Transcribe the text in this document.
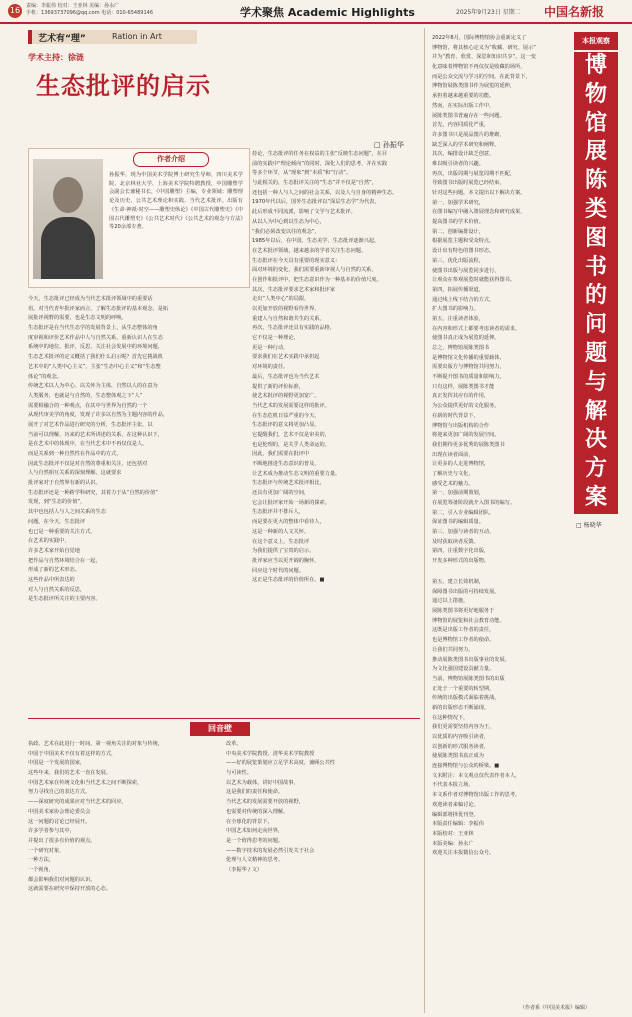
16	责编：李振伟 校对：王亚林 美编：孙永广
手机：13693737096@qq.com 电话：010-65489146	学术聚焦 Academic Highlights	2025年9月23日 星期二 中国名新报
艺术有“理”	Ration in Art
学术主持：徐涟
生态批评的启示
□ 孙振华
作者介绍
孙振华，现为中国美术学院博士研究生导师，四川美术学院、北京林业大学、上海美术学院特聘教授，中国雕塑学会副会长兼秘书长，《中国雕塑》主编，专业领域：雕塑理论及历史、公共艺术理论和实践、当代艺术批评。出版有《生命·神祇·时空——雕塑史纵论》《中国古代雕塑史》《中国古代雕塑史》《公共艺术时代》《公共艺术的观念与方法》等20余部专著。
今天，生态批评已经成为当代艺术批评领域中的重要话
语。对当代青年批评家而言，了解生态批评的基本观念，是拓
展批评视野的需要，也是生态文明的呼唤。
生态批评是在当代生态学的发展背景上，从生态整体的角
度审视和评价艺术作品中人与自然关系，重新认识人在生态
系统中的地位。批评，反思、关注社会发展中的环境问题，
生态艺术批评的定义概括了我们什么启示呢？首先它挑战机
艺术中的“人类中心主义”，主张“生态中心主义”和“生态整
体论”的观念。
传统艺术以人为中心、以关怀为主体，自然以人的在意为
人类服务，也就是与自然的，生态整体观之下“人”
需要相融合的一种观点，在其中与世界为自然的一个
从现代审美学的角度，发现了许多以自然为主题内容的作品，
展开了对艺术作品进行研究的分析，生态批评主张，以
当前可以理解，历来的艺术所讲述的关系，在这种认识下，
是在艺术中的体现中，在当代艺术中不再仅仅是人，
而是关系到一种自然性在作品中的方式，
因此生态批评不仅是对自然的尊重和关注，还包括对
人与自然相互关系的深刻理解。这就要求
批评家对于自然界有新的认识。
生态批评还是一种跨学科研究，其着力于从“自然的价值”
发现，到“生态的价值”，
其中也包括人与人之间关系的生态
问题。在今天，生态批评
也已是一种重要的关注方式，
在艺术的实践中，
许多艺术家开始自觉地
把作品与自然环境结合在一起，
形成了新的艺术形态。
这些作品中所表达的
对人与自然关系的反思，
是生态批评所关注的主要内容。
持论，生态批评的任务在权益的主张“反映生态问题”，在目
前的实践中“理论倾向”的同时，深化人们的思考，并在实践
等多个环节，从“现象”到“本质”和“行动”。
与此相关的，生态批评关注的“生态”并不仅是“自然”，
还包括一种人与人之间的社会关系，以及人与自身的精神生态。
1970年代以后，国外生态批评以“深层生态学”为代表，
此后形成不同流派，影响了文学与艺术批评。
从以人为中心到以生态为中心，
“我们必须改变以往的观念”，
1985年以后，在中国，生态美学、生态批评逐渐兴起，
在艺术批评领域，越来越多的学者关注生态问题。
生态批评在今天具有重要的现实意义：
面对环境的变化，我们需要重新审视人与自然的关系，
在创作和批评中，把生态意识作为一种基本的价值尺度。
其次，生态批评要求艺术家和批评家
走出“人类中心”的局限，
以更加开放的视野看待世界，
重建人与自然和谐共生的关系。
再次，生态批评还具有实践的品格，
它不仅是一种理论，
更是一种行动，
要求我们在艺术实践中承担起
对环境的责任。
最后，生态批评也为当代艺术
提供了新的评价标准，
使艺术批评的视野更加宽广。
当代艺术的发展需要这样的批评。
在生态危机日益严重的今天，
生态批评的意义将更加凸显。
它提醒我们，艺术不仅是审美的，
也是伦理的，是关乎人类命运的。
因此，我们需要在批评中
不断地推进生态意识的普及，
让艺术成为推动生态文明的重要力量。
生态批评与传统艺术批评相比，
还具有更加广阔的空间，
它会让批评家开始一场新的探索。
生态批评并不排斥人，
而是要在更大的整体中看待人，
这是一种新的人文关怀。
在这个意义上，生态批评
为我们提供了宝贵的启示。
批评家应当以更开阔的胸怀，
回应这个时代的问题。
这正是生态批评的价值所在。■
回音壁
执政、艺术在此进行一时间，第一视角关注的对象与传统，
中国于中国美术不仅有着这样的方式，
中国是一个发展的国家，
这些年来，我们的艺术一直在发展。
中国艺术家在传统文化和当代艺术之间不断探索，
努力寻找自己的表达方式。
——深度研究的成果应对当代艺术的回应。
中国美术家协会理论委员会
这一问题的讨论已经展开。
许多学者参与其中，
并提出了很多有价值的观点。
一个研究对象，
一种方法，
一个视角，
都会影响我们对问题的认识。
这就需要在研究中保持开放的心态。
改革。
中央美术学院教授、清华美术学院教授
——好的展览策划应立足学术高度，兼顾公共性
与可读性。
以艺术为载体，讲好中国故事，
这是我们的责任和使命。
当代艺术的发展需要开放的视野，
也需要对传统的深入理解。
在全球化的背景下，
中国艺术如何走向世界，
是一个值得思考的问题。
——数字技术的发展必然引发关于社会
伦理与人文精神的思考。
（李振华 / 文）
本报观察
博
物
馆
展
陈
类
图
书
的
问
题
与
解
决
方
案
□ 杨晓华
2022年8月，国际博物馆协会重新定义了
博物馆，将其核心定义为“收藏、研究、展示”
并为“教育、欣赏、深思和知识共享”。这一变
化意味着博物馆不再仅仅是收藏的场所，
而是公众交流与学习的空间。在此背景下，
博物馆展陈类图书作为展览的延伸，
承担着越来越重要的功能。
然而，在实际出版工作中，
展陈类图书普遍存在一些问题。
首先，内容同质化严重，
许多图书只是展品图片的堆砌，
缺乏深入的学术研究和阐释。
其次，编排设计缺乏创意，
难以吸引读者的兴趣。
再次，出版周期与展览周期不匹配，
导致图书出版时展览已经结束。
针对这些问题，本文提出以下解决方案。
第一，加强学术研究，
在图书编写中融入策展理念和研究成果，
提高图书的学术价值。
第二，创新编排设计，
根据展览主题和受众特点，
设计出有特色的图书形态。
第三，优化出版流程，
使图书出版与展览同步进行，
让观众在参观展览时就能获得图书。
第四，拓展传播渠道，
通过线上线下结合的方式，
扩大图书的影响力。
第五，注重读者体验，
在内容和形式上都要考虑读者的需求，
使图书真正成为展览的延伸。
总之，博物馆展陈类图书
是博物馆文化传播的重要载体，
需要出版方与博物馆共同努力，
不断提升图书的质量和影响力。
只有这样，展陈类图书才能
真正发挥其应有的作用，
为公众提供更好的文化服务。
在新的时代背景下，
博物馆与出版机构的合作
将迎来更加广阔的发展空间。
我们期待更多优秀的展陈类图书
出现在读者面前，
让更多的人走进博物馆，
了解历史与文化，
感受艺术的魅力。
第一，加强前期策划，
在展览筹备阶段就介入图书的编写。
第二，引入专业编辑团队，
保证图书的编辑质量。
第三，加强与读者的互动，
及时获取读者反馈。
第四，注重数字化出版，
开发多种形式的出版物。
第五，建立长效机制，
保障图书出版的可持续发展。
通过以上措施，
展陈类图书将更好地服务于
博物馆的展览和社会教育功能。
这既是出版工作者的责任，
也是博物馆工作者的使命。
让我们共同努力，
推动展陈类图书出版事业的发展，
为文化强国建设贡献力量。
当前，博物馆展陈类图书的出版
正处于一个重要的转型期，
传统的出版模式面临着挑战，
新的出版形态不断涌现。
在这种情况下，
我们更需要坚持内容为王，
以优质的内容吸引读者，
以创新的形式服务读者，
使展陈类图书真正成为
连接博物馆与公众的桥梁。■
文末附注：本文观点仅代表作者本人，
不代表本报立场。
本文系作者对博物馆出版工作的思考。
欢迎读者来稿讨论。
编辑部将择优刊登。
本版责任编辑：李振伟
本版校对：王亚林
本版美编：孙永广
欢迎关注本报微信公众号。
（作者系《中国美术报》编辑）
